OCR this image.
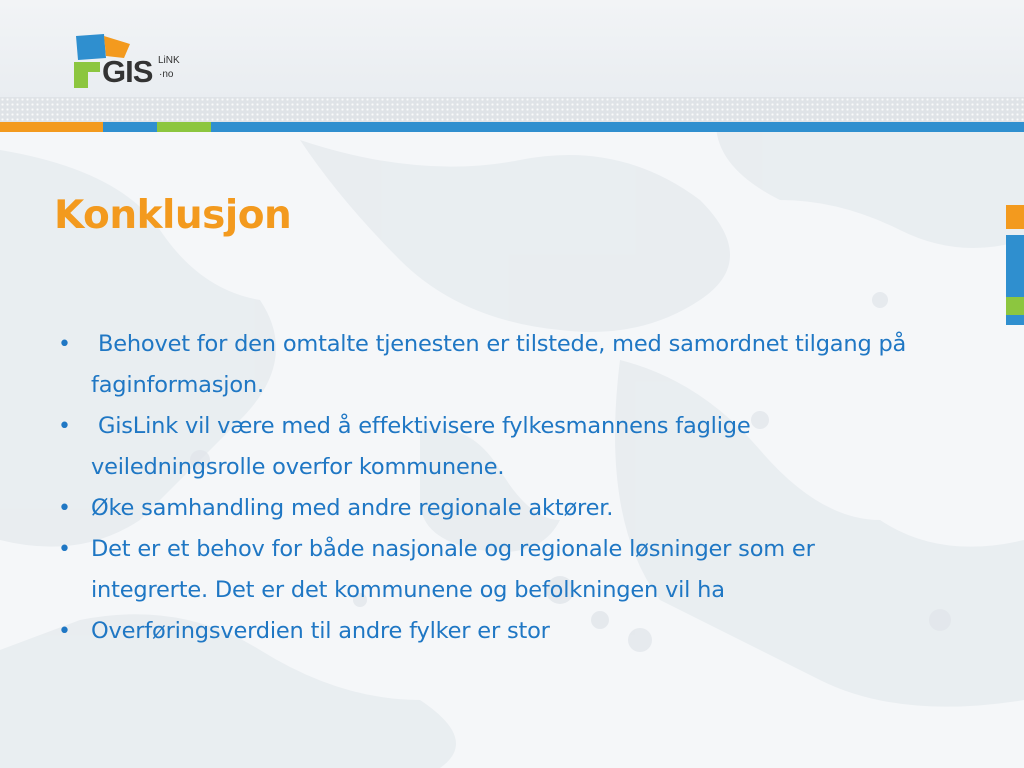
GIS LiNK
·no
Konklusjon
• Behovet for den omtalte tjenesten er tilstede, med samordnet tilgang på faginformasjon.
• GisLink vil være med å effektivisere fylkesmannens faglige veiledningsrolle overfor kommunene.
• Øke samhandling med andre regionale aktører.
• Det er et behov for både nasjonale og regionale løsninger som er integrerte. Det er det kommunene og befolkningen vil ha
• Overføringsverdien til andre fylker er stor
